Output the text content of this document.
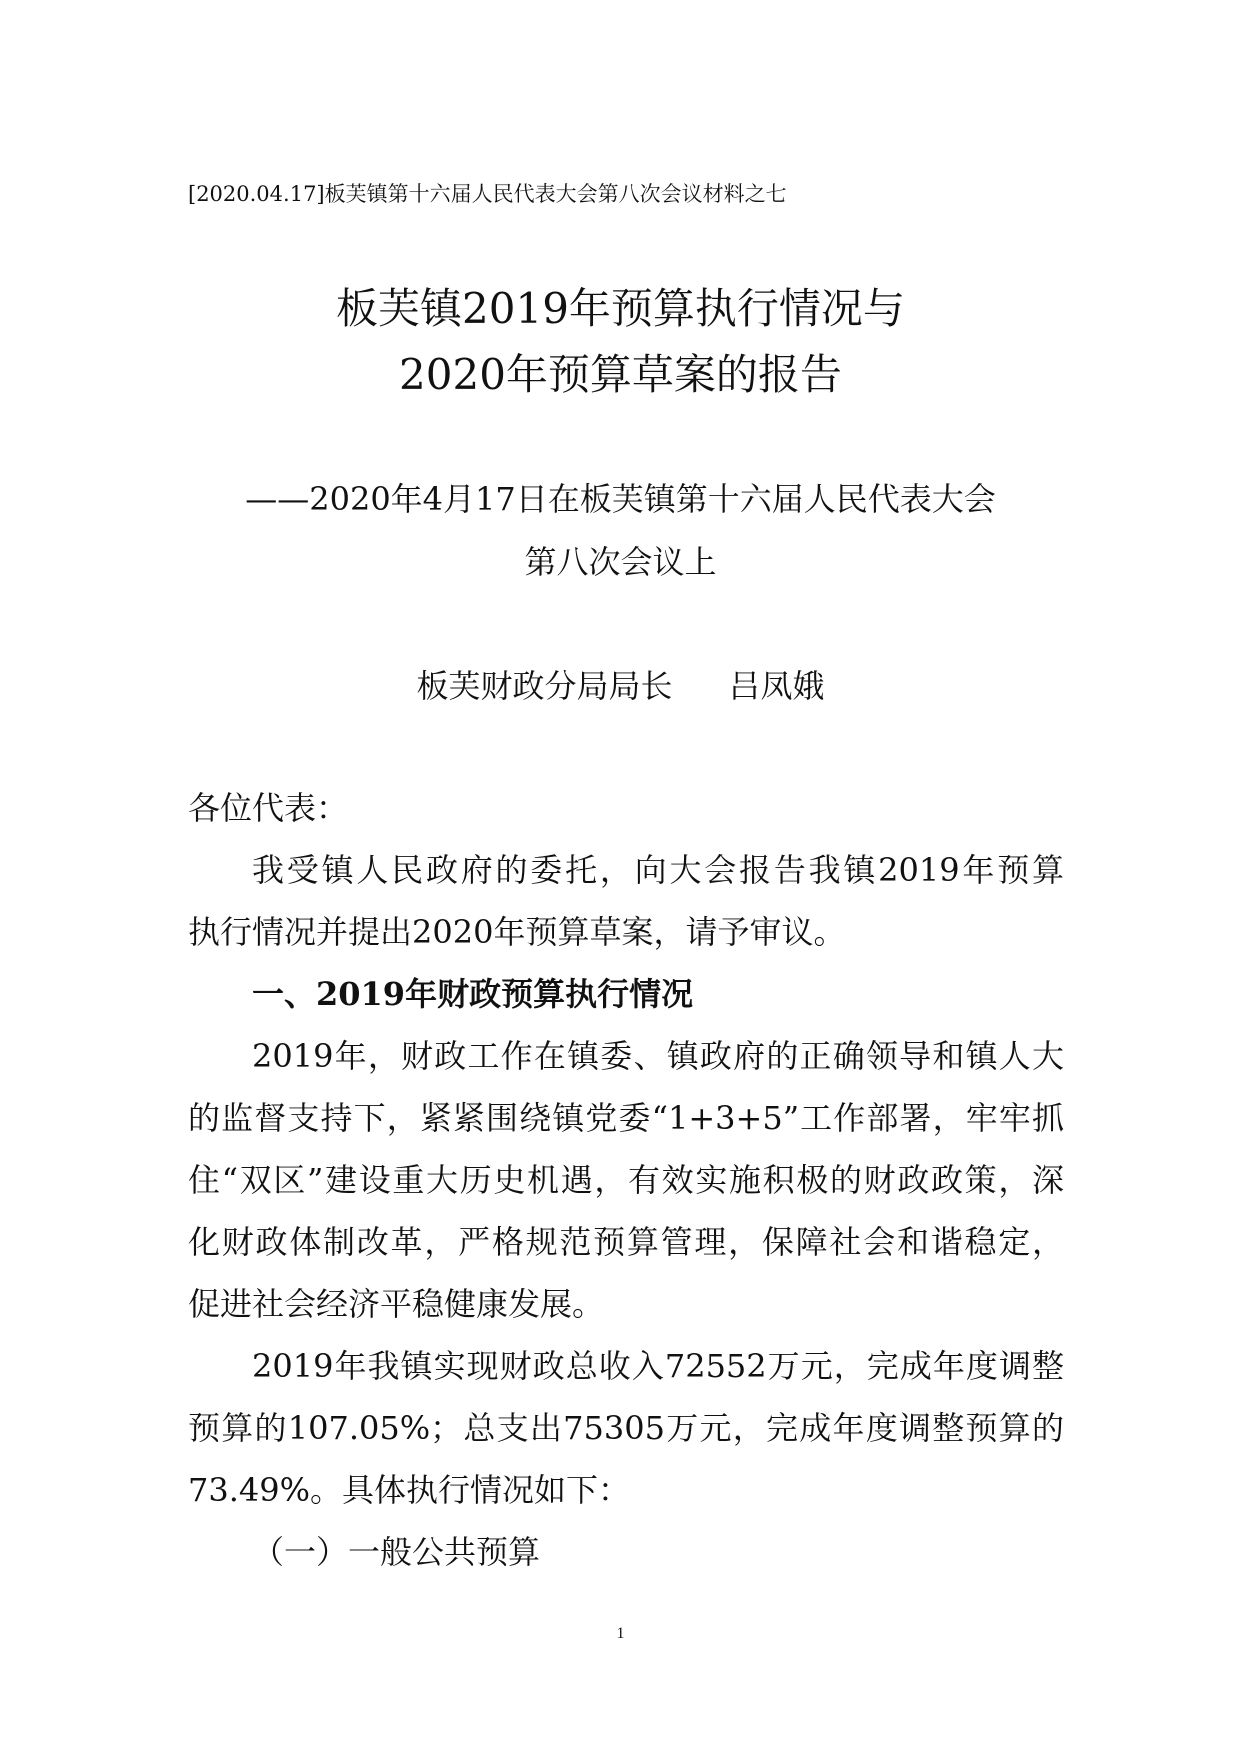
[2020.04.17]板芙镇第十六届人民代表大会第八次会议材料之七
板芙镇2019年预算执行情况与
2020年预算草案的报告
——2020年4月17日在板芙镇第十六届人民代表大会
第八次会议上
板芙财政分局局长 吕凤娥
各位代表：
我受镇人民政府的委托，向大会报告我镇2019年预算
执行情况并提出2020年预算草案，请予审议。
一、2019年财政预算执行情况
2019年，财政工作在镇委、镇政府的正确领导和镇人大
的监督支持下，紧紧围绕镇党委“1+3+5”工作部署，牢牢抓
住“双区”建设重大历史机遇，有效实施积极的财政政策，深
化财政体制改革，严格规范预算管理，保障社会和谐稳定，
促进社会经济平稳健康发展。
2019年我镇实现财政总收入72552万元，完成年度调整
预算的107.05%；总支出75305万元，完成年度调整预算的
73.49%。具体执行情况如下：
（一）一般公共预算
1
